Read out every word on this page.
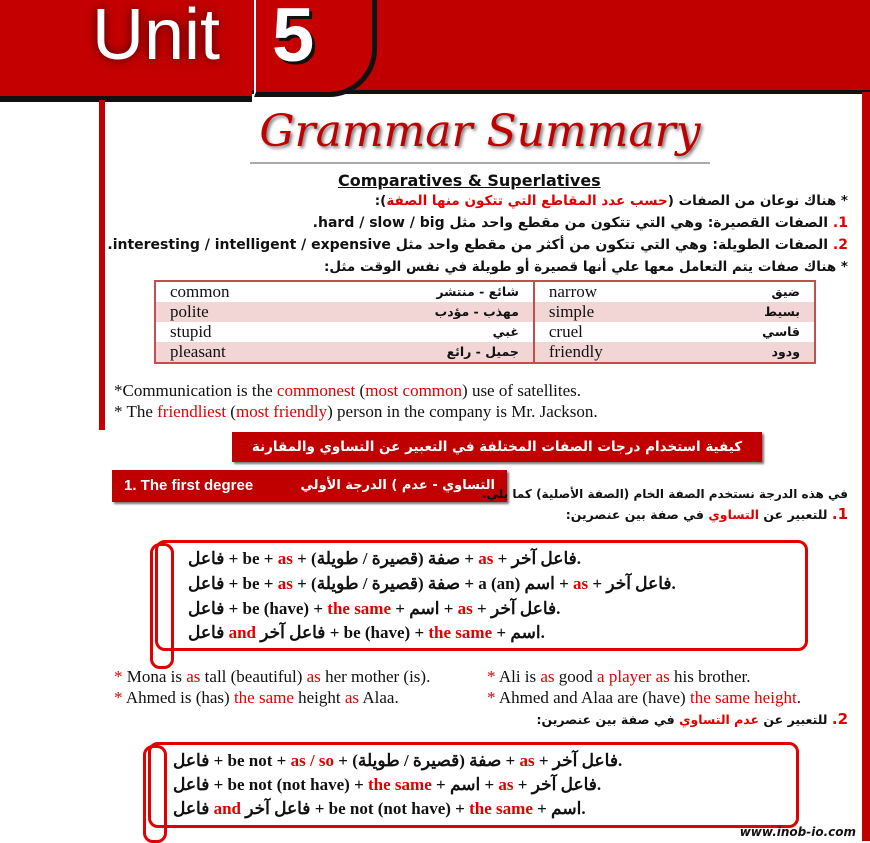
Unit 5
Grammar Summary
Comparatives & Superlatives
* هناك نوعان من الصفات (حسب عدد المقاطع التي تتكون منها الصفة):
1. الصفات القصيرة: وهي التي تتكون من مقطع واحد مثل hard / slow / big.
2. الصفات الطويلة: وهي التي تتكون من أكثر من مقطع واحد مثل interesting / intelligent / expensive.
* هناك صفات يتم التعامل معها علي أنها قصيرة أو طويلة في نفس الوقت مثل:
common	شائع - منتشر	narrow	ضيق
polite	مهذب - مؤدب	simple	بسيط
stupid	غبي	cruel	قاسي
pleasant	جميل - رائع	friendly	ودود
*Communication is the commonest (most common) use of satellites.
* The friendliest (most friendly) person in the company is Mr. Jackson.
كيفية استخدام درجات الصفات المختلفة في التعبير عن التساوي والمقارنة
1. The first degree	التساوي - عدم ) الدرجة الأولي
في هذه الدرجة نستخدم الصفة الخام (الصفة الأصلية) كما يلي.
1. للتعبير عن التساوي في صفة بين عنصرين:
فاعل + be + as + (قصيرة / طويلة) صفة + as + فاعل آخر.
فاعل + be + as + (قصيرة / طويلة) صفة + a (an) اسم + as + فاعل آخر.
فاعل + be (have) + the same + اسم + as + فاعل آخر.
فاعل and فاعل آخر + be (have) + the same + اسم.
* Mona is as tall (beautiful) as her mother (is).	* Ali is as good a player as his brother.
* Ahmed is (has) the same height as Alaa.	* Ahmed and Alaa are (have) the same height.
2. للتعبير عن عدم التساوي في صفة بين عنصرين:
فاعل + be not + as / so + (قصيرة / طويلة) صفة + as + فاعل آخر.
فاعل + be not (not have) + the same + اسم + as + فاعل آخر.
فاعل and فاعل آخر + be not (not have) + the same + اسم.
www.inob-io.com
